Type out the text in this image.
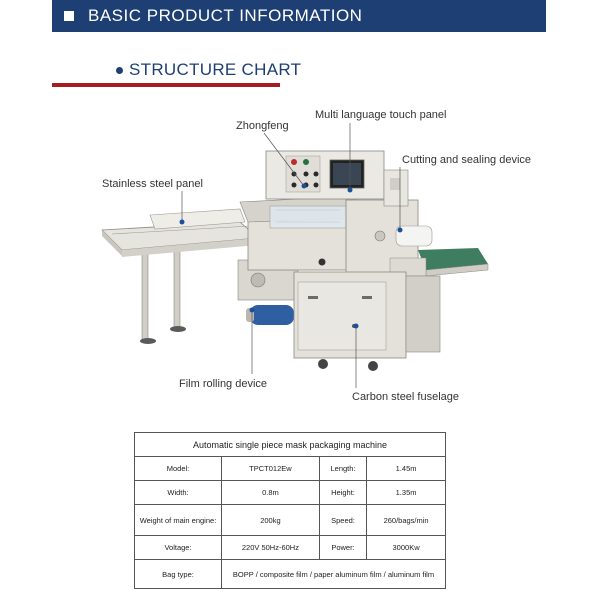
BASIC PRODUCT INFORMATION
STRUCTURE CHART
Zhongfeng
Multi language touch panel
Cutting and sealing device
Stainless steel panel
Film rolling device
Carbon steel fuselage
Automatic single piece mask packaging machine			
Model:	TPCT012Ew	Length:	1.45m
Width:	0.8m	Height:	1.35m
Weight of main engine:	200kg	Speed:	260/bags/min
Voltage:	220V 50Hz-60Hz	Power:	3000Kw
Bag type:	BOPP / composite film / paper aluminum film / aluminum film		
